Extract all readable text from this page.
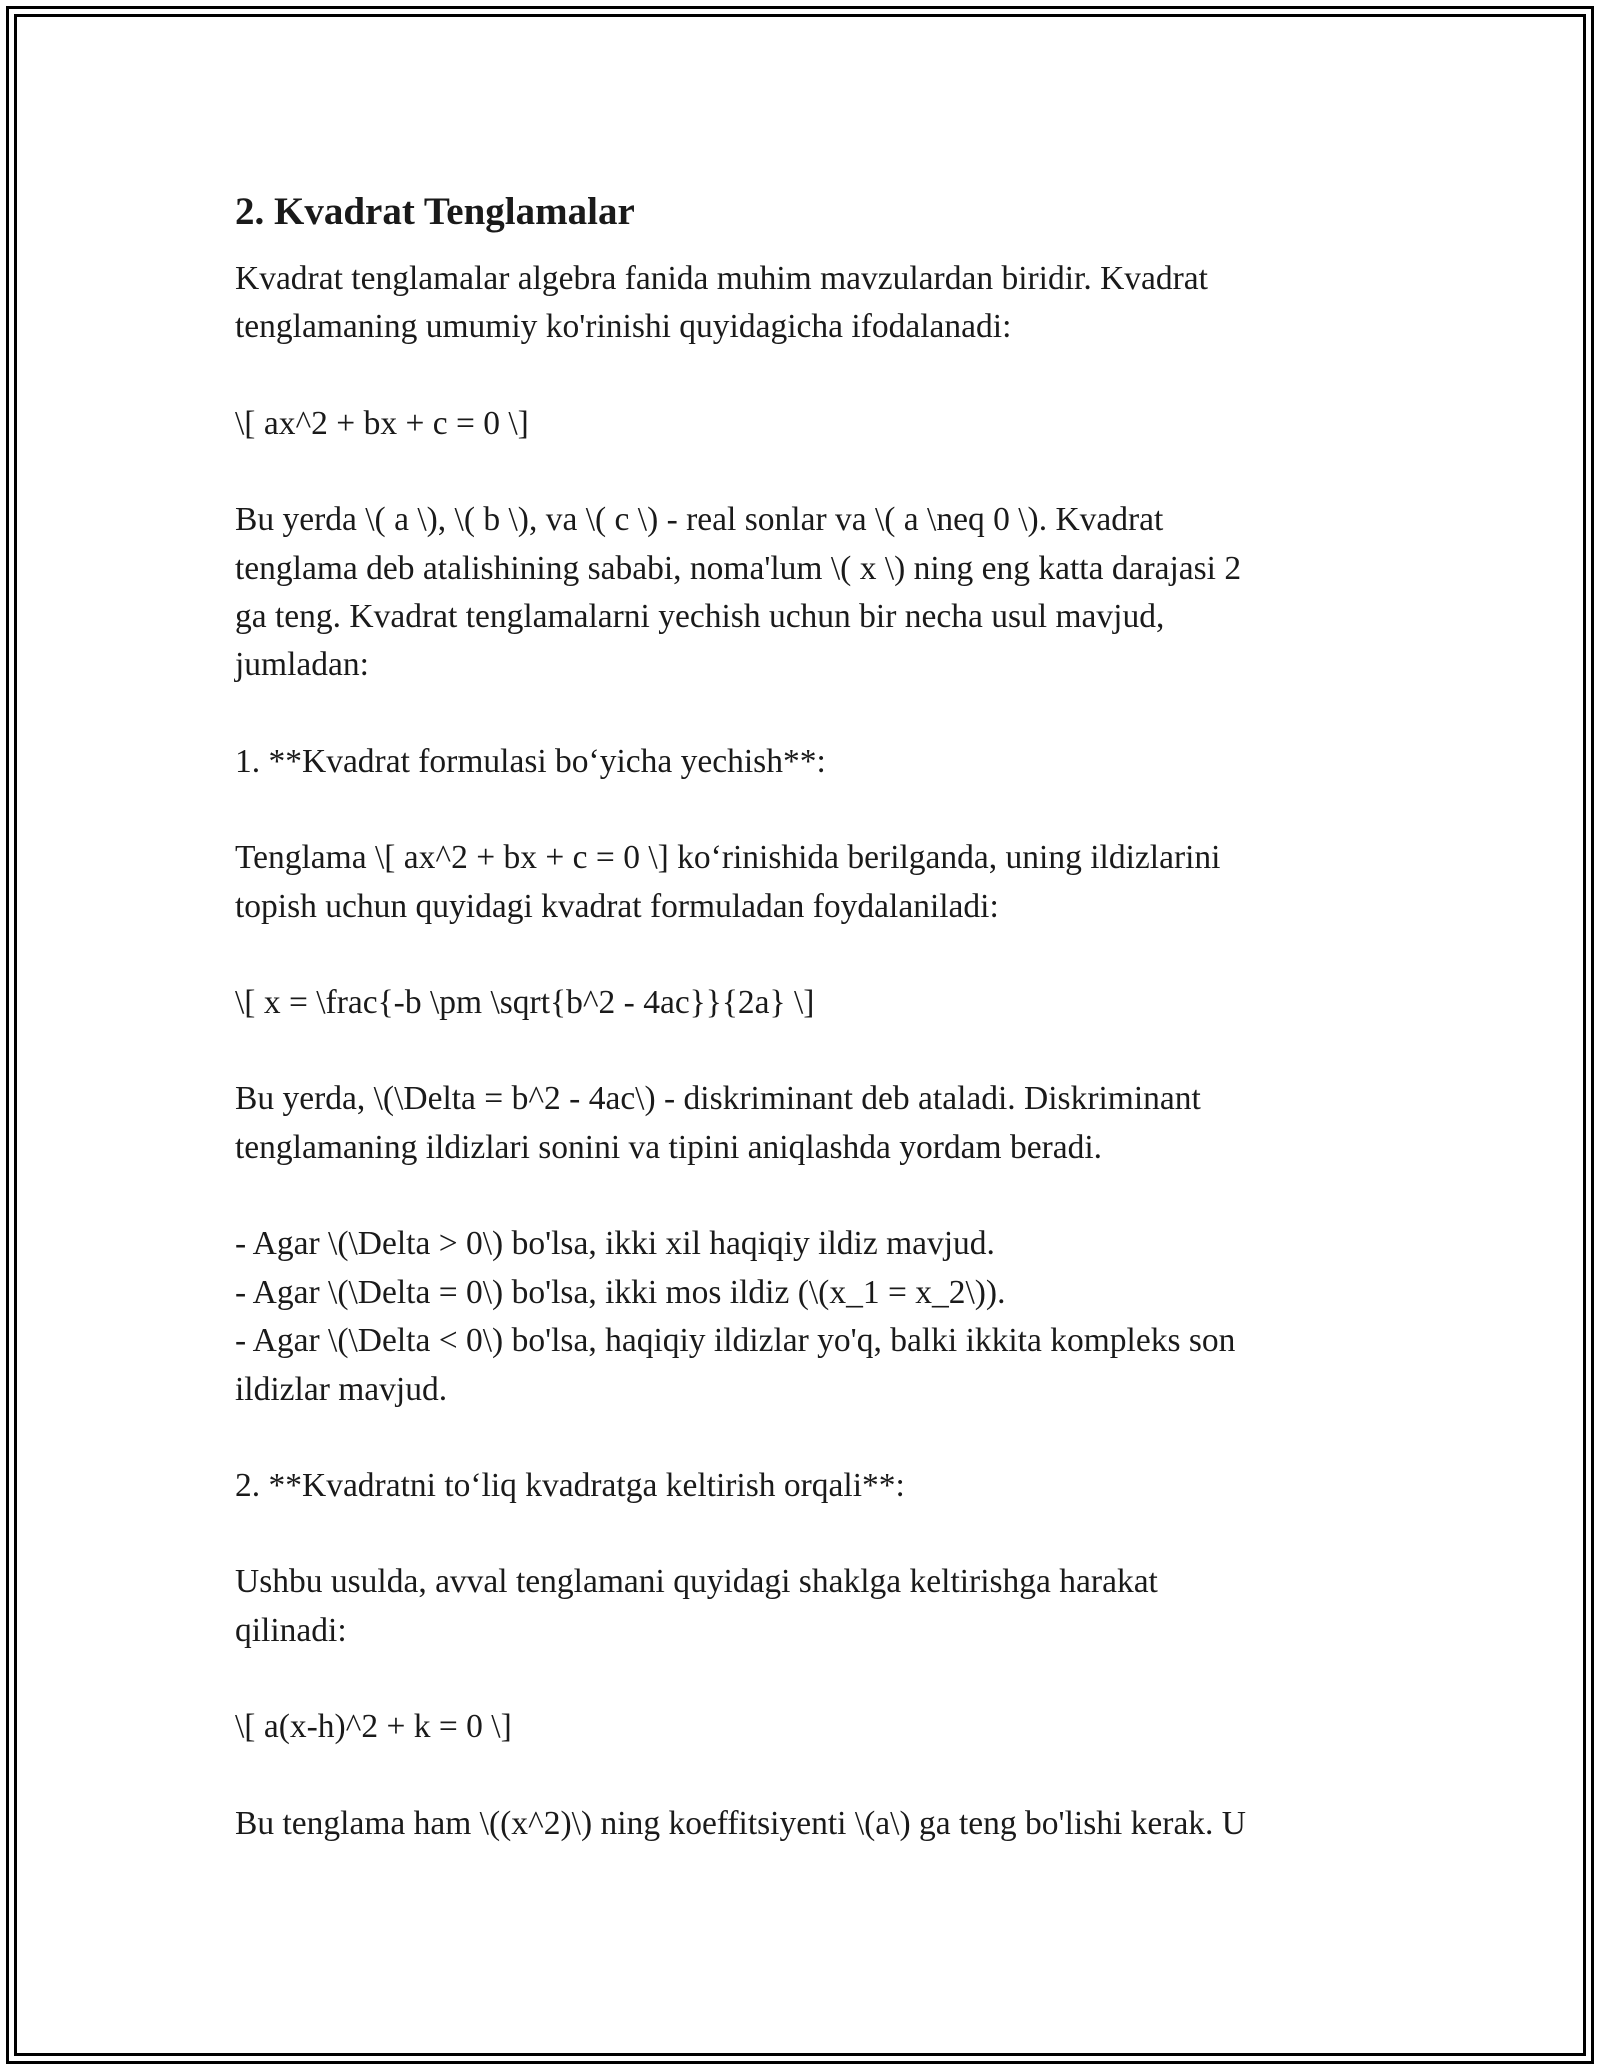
2. Kvadrat Tenglamalar

Kvadrat tenglamalar algebra fanida muhim mavzulardan biridir. Kvadrat
tenglamaning umumiy ko'rinishi quyidagicha ifodalanadi:

\[ ax^2 + bx + c = 0 \]

Bu yerda \( a \), \( b \), va \( c \) - real sonlar va \( a \neq 0 \). Kvadrat
tenglama deb atalishining sababi, noma'lum \( x \) ning eng katta darajasi 2
ga teng. Kvadrat tenglamalarni yechish uchun bir necha usul mavjud,
jumladan:

1. **Kvadrat formulasi bo‘yicha yechish**:

Tenglama \[ ax^2 + bx + c = 0 \] ko‘rinishida berilganda, uning ildizlarini
topish uchun quyidagi kvadrat formuladan foydalaniladi:

\[ x = \frac{-b \pm \sqrt{b^2 - 4ac}}{2a} \]

Bu yerda, \(\Delta = b^2 - 4ac\) - diskriminant deb ataladi. Diskriminant
tenglamaning ildizlari sonini va tipini aniqlashda yordam beradi.

- Agar \(\Delta > 0\) bo'lsa, ikki xil haqiqiy ildiz mavjud.
- Agar \(\Delta = 0\) bo'lsa, ikki mos ildiz (\(x_1 = x_2\)).
- Agar \(\Delta < 0\) bo'lsa, haqiqiy ildizlar yo'q, balki ikkita kompleks son
ildizlar mavjud.

2. **Kvadratni to‘liq kvadratga keltirish orqali**:

Ushbu usulda, avval tenglamani quyidagi shaklga keltirishga harakat
qilinadi:

\[ a(x-h)^2 + k = 0 \]

Bu tenglama ham \((x^2)\) ning koeffitsiyenti \(a\) ga teng bo'lishi kerak. U
